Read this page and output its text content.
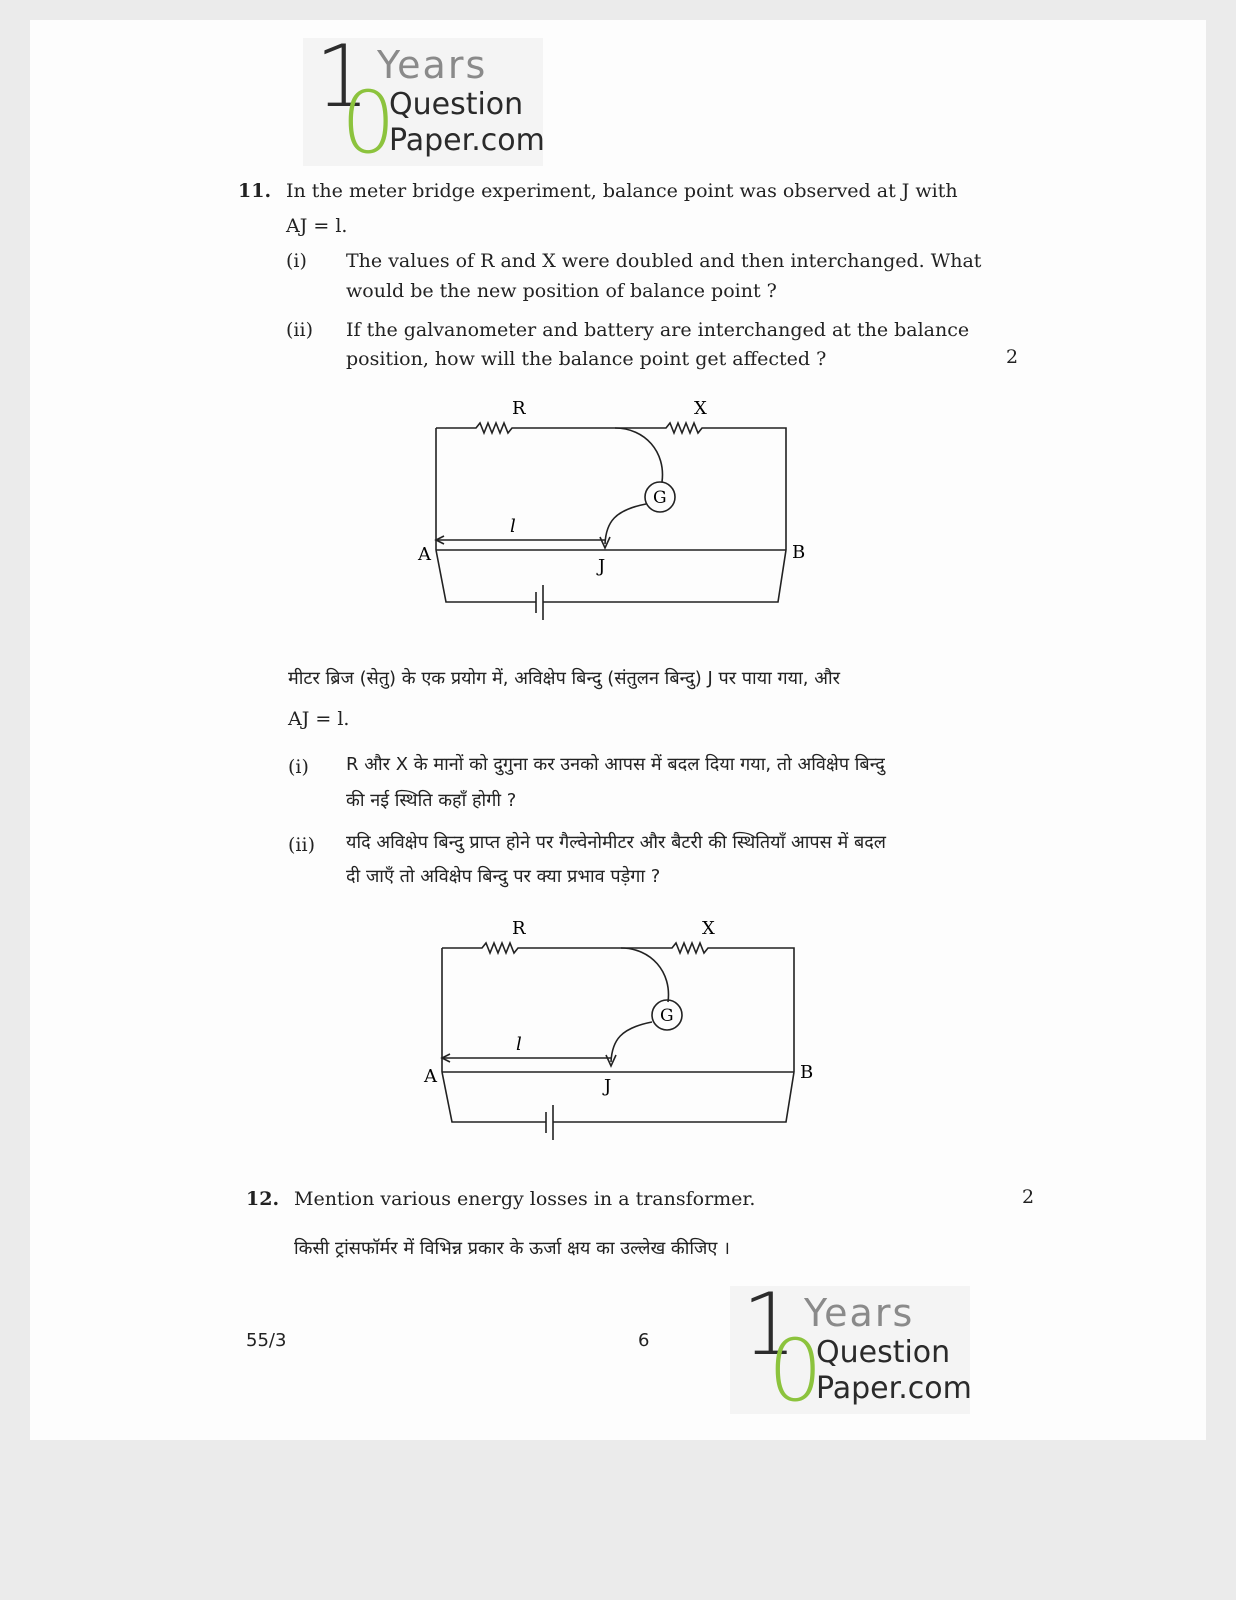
1
0
Years
Question
Paper.com
11. In the meter bridge experiment, balance point was observed at J with
AJ = l.
(i) The values of R and X were doubled and then interchanged. What
would be the new position of balance point ?
(ii) If the galvanometer and battery are interchanged at the balance
position, how will the balance point get affected ?	2
R	X
G
l
A	B
J
मीटर ब्रिज (सेतु) के एक प्रयोग में, अविक्षेप बिन्दु (संतुलन बिन्दु) J पर पाया गया, और
AJ = l.
(i) R और X के मानों को दुगुना कर उनको आपस में बदल दिया गया, तो अविक्षेप बिन्दु
की नई स्थिति कहाँ होगी ?
(ii) यदि अविक्षेप बिन्दु प्राप्त होने पर गैल्वेनोमीटर और बैटरी की स्थितियाँ आपस में बदल
दी जाएँ तो अविक्षेप बिन्दु पर क्या प्रभाव पड़ेगा ?
R	X
G
l
A	B
J
12. Mention various energy losses in a transformer.	2
किसी ट्रांसफॉर्मर में विभिन्न प्रकार के ऊर्जा क्षय का उल्लेख कीजिए ।
55/3	6 1
0
Years
Question
Paper.com
